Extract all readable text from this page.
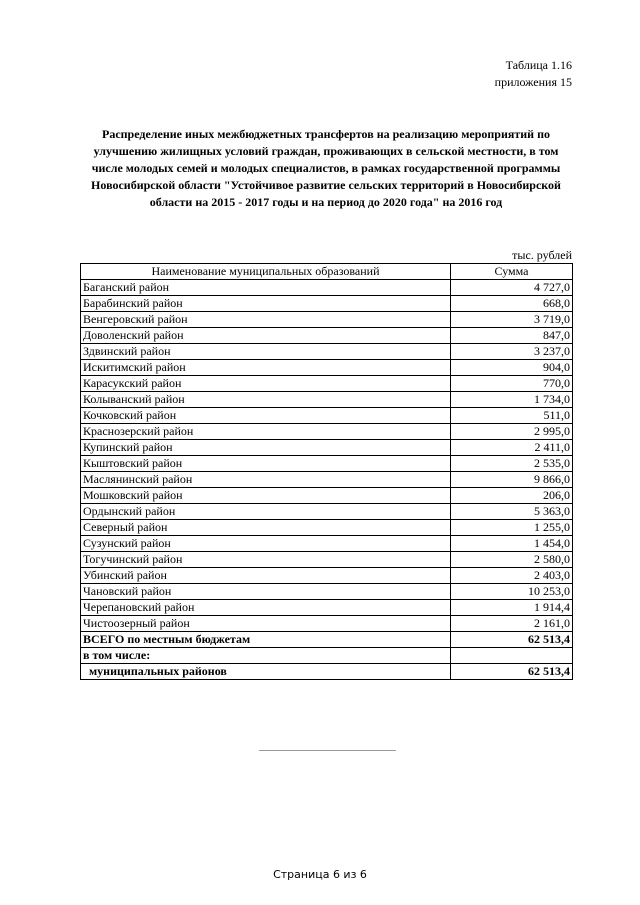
Таблица 1.16
приложения 15
Распределение иных межбюджетных трансфертов на реализацию мероприятий по улучшению жилищных условий граждан, проживающих в сельской местности, в том числе молодых семей и молодых специалистов, в рамках государственной программы Новосибирской области "Устойчивое развитие сельских территорий в Новосибирской области на 2015 - 2017 годы и на период до 2020 года" на 2016 год
тыс. рублей
Наименование муниципальных образований	Сумма
Баганский район	4 727,0
Барабинский район	668,0
Венгеровский район	3 719,0
Доволенский район	847,0
Здвинский район	3 237,0
Искитимский район	904,0
Карасукский район	770,0
Колыванский район	1 734,0
Кочковский район	511,0
Краснозерский район	2 995,0
Купинский район	2 411,0
Кыштовский район	2 535,0
Маслянинский район	9 866,0
Мошковский район	206,0
Ордынский район	5 363,0
Северный район	1 255,0
Сузунский район	1 454,0
Тогучинский район	2 580,0
Убинский район	2 403,0
Чановский район	10 253,0
Черепановский район	1 914,4
Чистоозерный район	2 161,0
ВСЕГО по местным бюджетам	62 513,4
в том числе:	
муниципальных районов	62 513,4
Страница 6 из 6
